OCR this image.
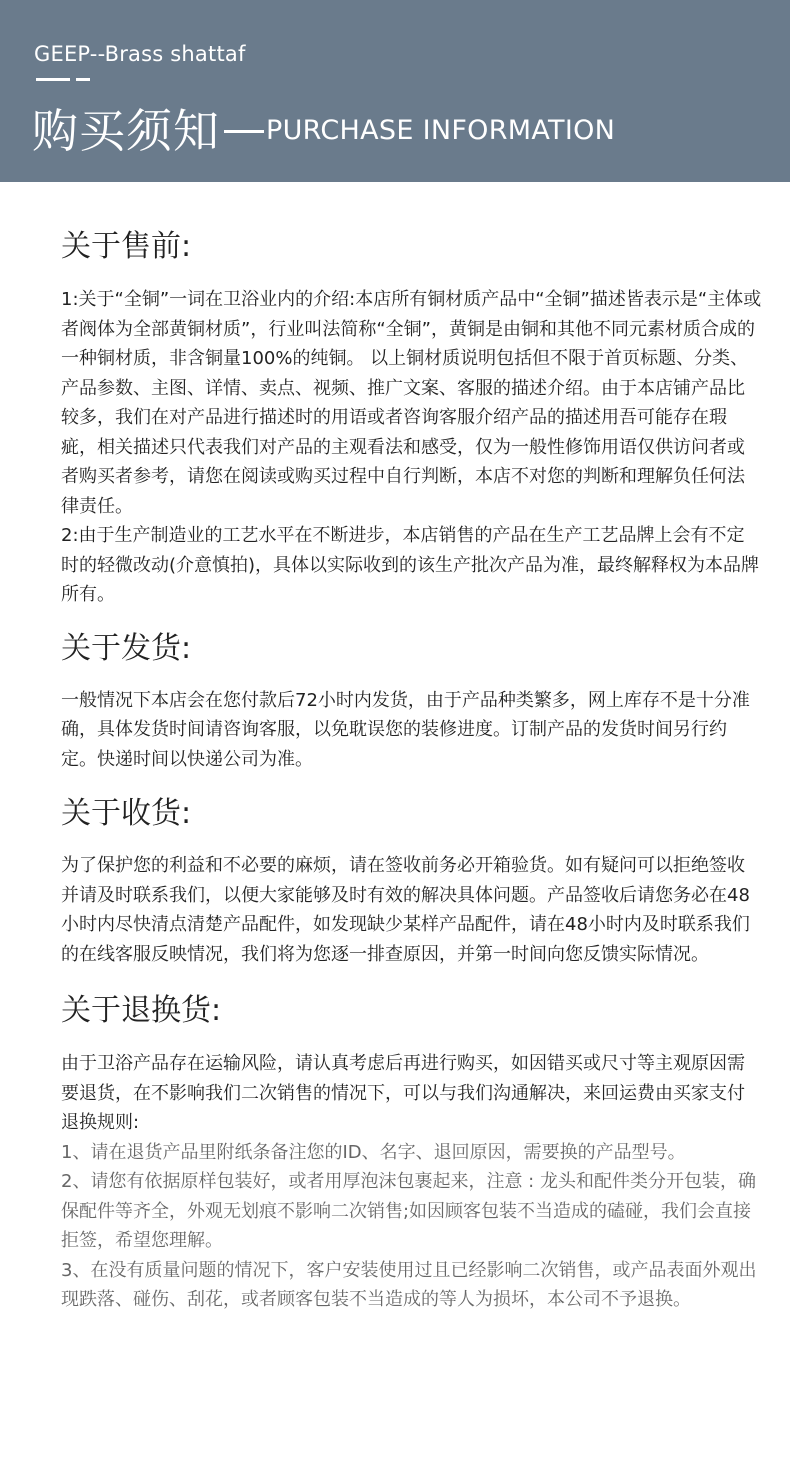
GEEP--Brass shattaf
购买须知 PURCHASE INFORMATION
关于售前:
1:关于“全铜”一词在卫浴业内的介绍:本店所有铜材质产品中“全铜”描述皆表示是“主体或者阀体为全部黄铜材质”，行业叫法简称“全铜”，黄铜是由铜和其他不同元素材质合成的一种铜材质，非含铜量100%的纯铜。 以上铜材质说明包括但不限于首页标题、分类、产品参数、主图、详情、卖点、视频、推广文案、客服的描述介绍。由于本店铺产品比较多，我们在对产品进行描述时的用语或者咨询客服介绍产品的描述用吾可能存在瑕疵，相关描述只代表我们对产品的主观看法和感受，仅为一般性修饰用语仅供访问者或者购买者参考，请您在阅读或购买过程中自行判断，本店不对您的判断和理解负任何法律责任。
2:由于生产制造业的工艺水平在不断进步，本店销售的产品在生产工艺品牌上会有不定时的轻微改动(介意慎拍)，具体以实际收到的该生产批次产品为准，最终解释权为本品牌所有。
关于发货:
一般情况下本店会在您付款后72小时内发货，由于产品种类繁多，网上库存不是十分准确，具体发货时间请咨询客服，以免耽误您的装修进度。订制产品的发货时间另行约定。快递时间以快递公司为准。
关于收货:
为了保护您的利益和不必要的麻烦，请在签收前务必开箱验货。如有疑问可以拒绝签收并请及时联系我们，以便大家能够及时有效的解决具体问题。产品签收后请您务必在48小时内尽快清点清楚产品配件，如发现缺少某样产品配件，请在48小时内及时联系我们的在线客服反映情况，我们将为您逐一排查原因，并第一时间向您反馈实际情况。
关于退换货:
由于卫浴产品存在运输风险，请认真考虑后再进行购买，如因错买或尺寸等主观原因需要退货，在不影响我们二次销售的情况下，可以与我们沟通解决，来回运费由买家支付退换规则:
1、请在退货产品里附纸条备注您的ID、名字、退回原因，需要换的产品型号。
2、请您有依据原样包装好，或者用厚泡沫包裹起来，注意 : 龙头和配件类分开包装，确保配件等齐全，外观无划痕不影响二次销售;如因顾客包装不当造成的磕碰，我们会直接拒签，希望您理解。
3、在没有质量问题的情况下，客户安装使用过且已经影响二次销售，或产品表面外观出现跌落、碰伤、刮花，或者顾客包装不当造成的等人为损坏，本公司不予退换。
